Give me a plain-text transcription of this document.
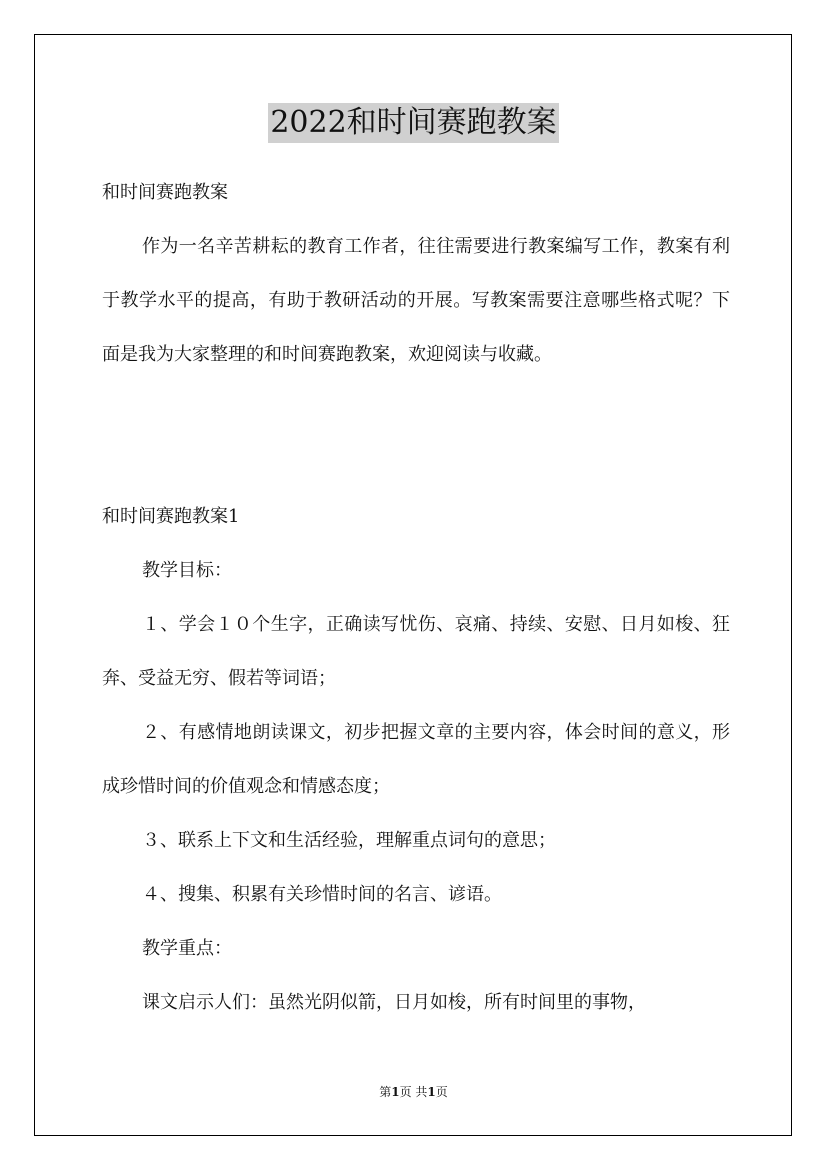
2022和时间赛跑教案

和时间赛跑教案

作为一名辛苦耕耘的教育工作者，往往需要进行教案编写工作，教案有利于教学水平的提高，有助于教研活动的开展。写教案需要注意哪些格式呢？下面是我为大家整理的和时间赛跑教案，欢迎阅读与收藏。

和时间赛跑教案1

教学目标：

１、学会１０个生字，正确读写忧伤、哀痛、持续、安慰、日月如梭、狂奔、受益无穷、假若等词语；

２、有感情地朗读课文，初步把握文章的主要内容，体会时间的意义，形成珍惜时间的价值观念和情感态度；

３、联系上下文和生活经验，理解重点词句的意思；

４、搜集、积累有关珍惜时间的名言、谚语。

教学重点：

课文启示人们：虽然光阴似箭，日月如梭，所有时间里的事物，

第1页 共1页
